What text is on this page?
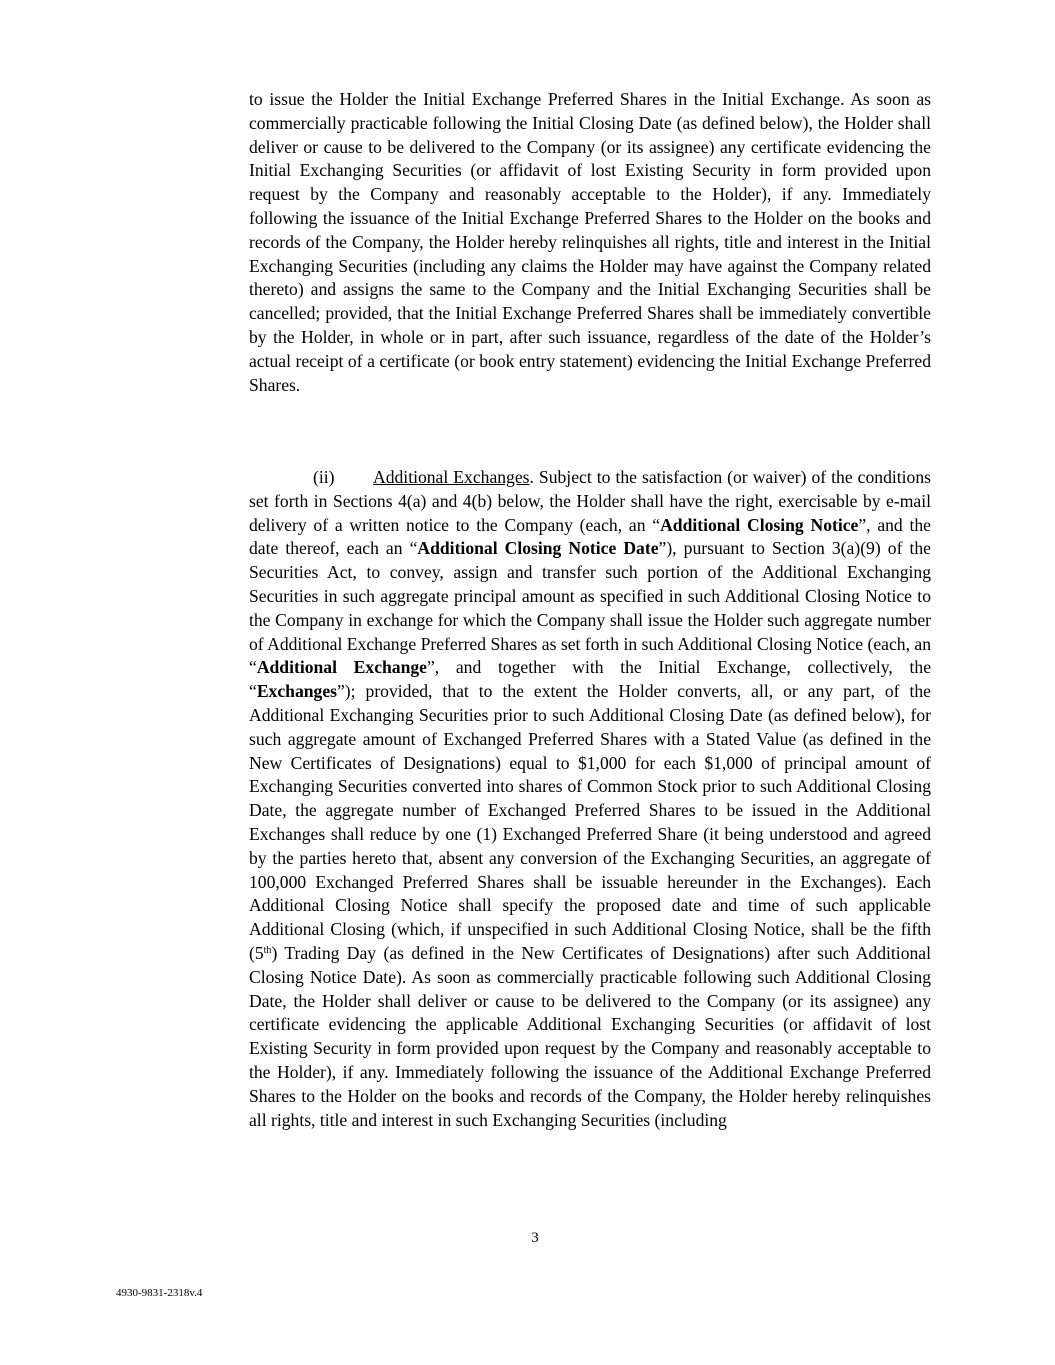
to issue the Holder the Initial Exchange Preferred Shares in the Initial Exchange. As soon as commercially practicable following the Initial Closing Date (as defined below), the Holder shall deliver or cause to be delivered to the Company (or its assignee) any certificate evidencing the Initial Exchanging Securities (or affidavit of lost Existing Security in form provided upon request by the Company and reasonably acceptable to the Holder), if any. Immediately following the issuance of the Initial Exchange Preferred Shares to the Holder on the books and records of the Company, the Holder hereby relinquishes all rights, title and interest in the Initial Exchanging Securities (including any claims the Holder may have against the Company related thereto) and assigns the same to the Company and the Initial Exchanging Securities shall be cancelled; provided, that the Initial Exchange Preferred Shares shall be immediately convertible by the Holder, in whole or in part, after such issuance, regardless of the date of the Holder’s actual receipt of a certificate (or book entry statement) evidencing the Initial Exchange Preferred Shares.
(ii) Additional Exchanges. Subject to the satisfaction (or waiver) of the conditions set forth in Sections 4(a) and 4(b) below, the Holder shall have the right, exercisable by e-mail delivery of a written notice to the Company (each, an “Additional Closing Notice”, and the date thereof, each an “Additional Closing Notice Date”), pursuant to Section 3(a)(9) of the Securities Act, to convey, assign and transfer such portion of the Additional Exchanging Securities in such aggregate principal amount as specified in such Additional Closing Notice to the Company in exchange for which the Company shall issue the Holder such aggregate number of Additional Exchange Preferred Shares as set forth in such Additional Closing Notice (each, an “Additional Exchange”, and together with the Initial Exchange, collectively, the “Exchanges”); provided, that to the extent the Holder converts, all, or any part, of the Additional Exchanging Securities prior to such Additional Closing Date (as defined below), for such aggregate amount of Exchanged Preferred Shares with a Stated Value (as defined in the New Certificates of Designations) equal to $1,000 for each $1,000 of principal amount of Exchanging Securities converted into shares of Common Stock prior to such Additional Closing Date, the aggregate number of Exchanged Preferred Shares to be issued in the Additional Exchanges shall reduce by one (1) Exchanged Preferred Share (it being understood and agreed by the parties hereto that, absent any conversion of the Exchanging Securities, an aggregate of 100,000 Exchanged Preferred Shares shall be issuable hereunder in the Exchanges). Each Additional Closing Notice shall specify the proposed date and time of such applicable Additional Closing (which, if unspecified in such Additional Closing Notice, shall be the fifth (5th) Trading Day (as defined in the New Certificates of Designations) after such Additional Closing Notice Date). As soon as commercially practicable following such Additional Closing Date, the Holder shall deliver or cause to be delivered to the Company (or its assignee) any certificate evidencing the applicable Additional Exchanging Securities (or affidavit of lost Existing Security in form provided upon request by the Company and reasonably acceptable to the Holder), if any. Immediately following the issuance of the Additional Exchange Preferred Shares to the Holder on the books and records of the Company, the Holder hereby relinquishes all rights, title and interest in such Exchanging Securities (including
3
4930-9831-2318v.4
